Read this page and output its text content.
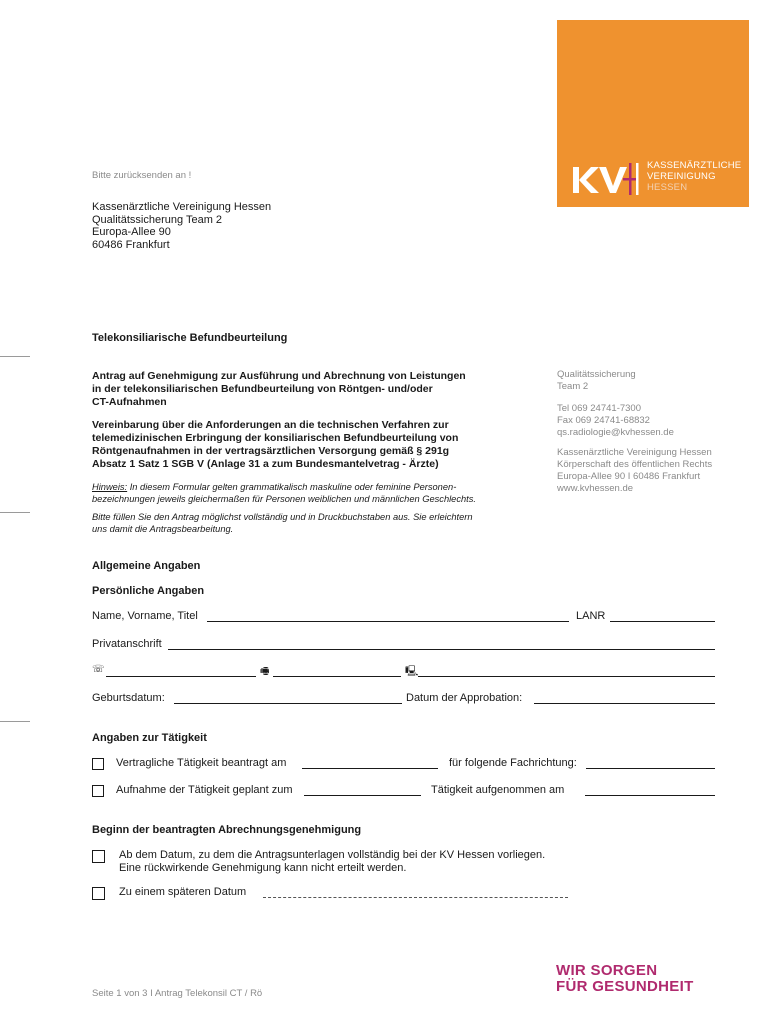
KASSENÄRZTLICHE
VEREINIGUNG
HESSEN
Bitte zurücksenden an !
Kassenärztliche Vereinigung Hessen
Qualitätssicherung Team 2
Europa-Allee 90
60486 Frankfurt
Telekonsiliarische Befundbeurteilung
Antrag auf Genehmigung zur Ausführung und Abrechnung von Leistungen
in der telekonsiliarischen Befundbeurteilung von Röntgen- und/oder
CT-Aufnahmen
Vereinbarung über die Anforderungen an die technischen Verfahren zur
telemedizinischen Erbringung der konsiliarischen Befundbeurteilung von
Röntgenaufnahmen in der vertragsärztlichen Versorgung gemäß § 291g
Absatz 1 Satz 1 SGB V (Anlage 31 a zum Bundesmantelvetrag - Ärzte)
Hinweis: In diesem Formular gelten grammatikalisch maskuline oder feminine Personen-
bezeichnungen jeweils gleichermaßen für Personen weiblichen und männlichen Geschlechts.
Bitte füllen Sie den Antrag möglichst vollständig und in Druckbuchstaben aus. Sie erleichtern
uns damit die Antragsbearbeitung.
Qualitätssicherung
Team 2
Tel 069 24741-7300
Fax 069 24741-68832
qs.radiologie@kvhessen.de
Kassenärztliche Vereinigung Hessen
Körperschaft des öffentlichen Rechts
Europa-Allee 90 I 60486 Frankfurt
www.kvhessen.de
Allgemeine Angaben
Persönliche Angaben
Name, Vorname, Titel	LANR
Privatanschrift
☏	🖷	🖳
Geburtsdatum:	Datum der Approbation:
Angaben zur Tätigkeit
Vertragliche Tätigkeit beantragt am	für folgende Fachrichtung:
Aufnahme der Tätigkeit geplant zum	Tätigkeit aufgenommen am
Beginn der beantragten Abrechnungsgenehmigung
Ab dem Datum, zu dem die Antragsunterlagen vollständig bei der KV Hessen vorliegen.
Eine rückwirkende Genehmigung kann nicht erteilt werden.
Zu einem späteren Datum
Seite 1 von 3 I Antrag Telekonsil CT / Rö
WIR SORGEN
FÜR GESUNDHEIT
